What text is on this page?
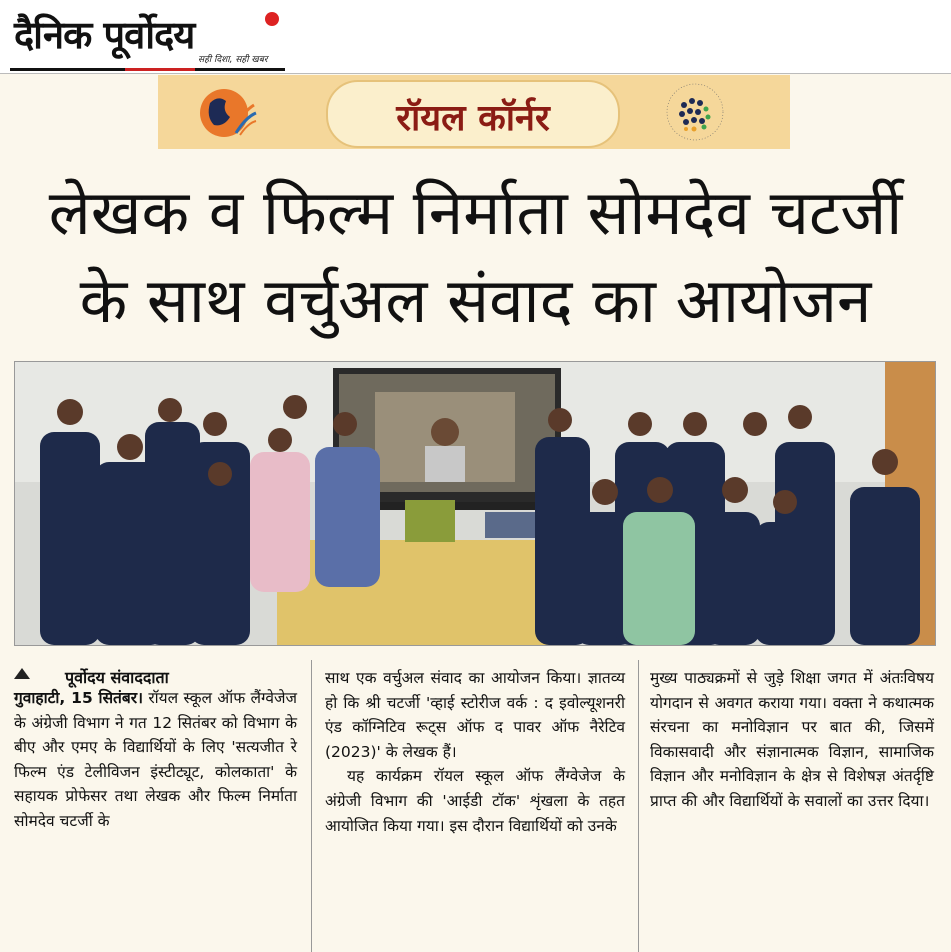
दैनिक पूर्वोदय
सही दिशा, सही खबर
रॉयल कॉर्नर
लेखक व फिल्म निर्माता सोमदेव चटर्जी
के साथ वर्चुअल संवाद का आयोजन
पूर्वोदय संवाददाता

गुवाहाटी, 15 सितंबर। रॉयल स्कूल ऑफ लैंग्वेजेज के अंग्रेजी विभाग ने गत 12 सितंबर को विभाग के बीए और एमए के विद्यार्थियों के लिए 'सत्यजीत रे फिल्म एंड टेलीविजन इंस्टीट्यूट, कोलकाता' के सहायक प्रोफेसर तथा लेखक और फिल्म निर्माता सोमदेव चटर्जी के

साथ एक वर्चुअल संवाद का आयोजन किया। ज्ञातव्य हो कि श्री चटर्जी 'व्हाई स्टोरीज वर्क : द इवोल्यूशनरी एंड कॉग्निटिव रूट्स ऑफ द पावर ऑफ नैरेटिव (2023)' के लेखक हैं।

यह कार्यक्रम रॉयल स्कूल ऑफ लैंग्वेजेज के अंग्रेजी विभाग की 'आईडी टॉक' शृंखला के तहत आयोजित किया गया। इस दौरान विद्यार्थियों को उनके

मुख्य पाठ्यक्रमों से जुड़े शिक्षा जगत में अंतःविषय योगदान से अवगत कराया गया। वक्ता ने कथात्मक संरचना का मनोविज्ञान पर बात की, जिसमें विकासवादी और संज्ञानात्मक विज्ञान, सामाजिक विज्ञान और मनोविज्ञान के क्षेत्र से विशेषज्ञ अंतर्दृष्टि प्राप्त की और विद्यार्थियों के सवालों का उत्तर दिया।
